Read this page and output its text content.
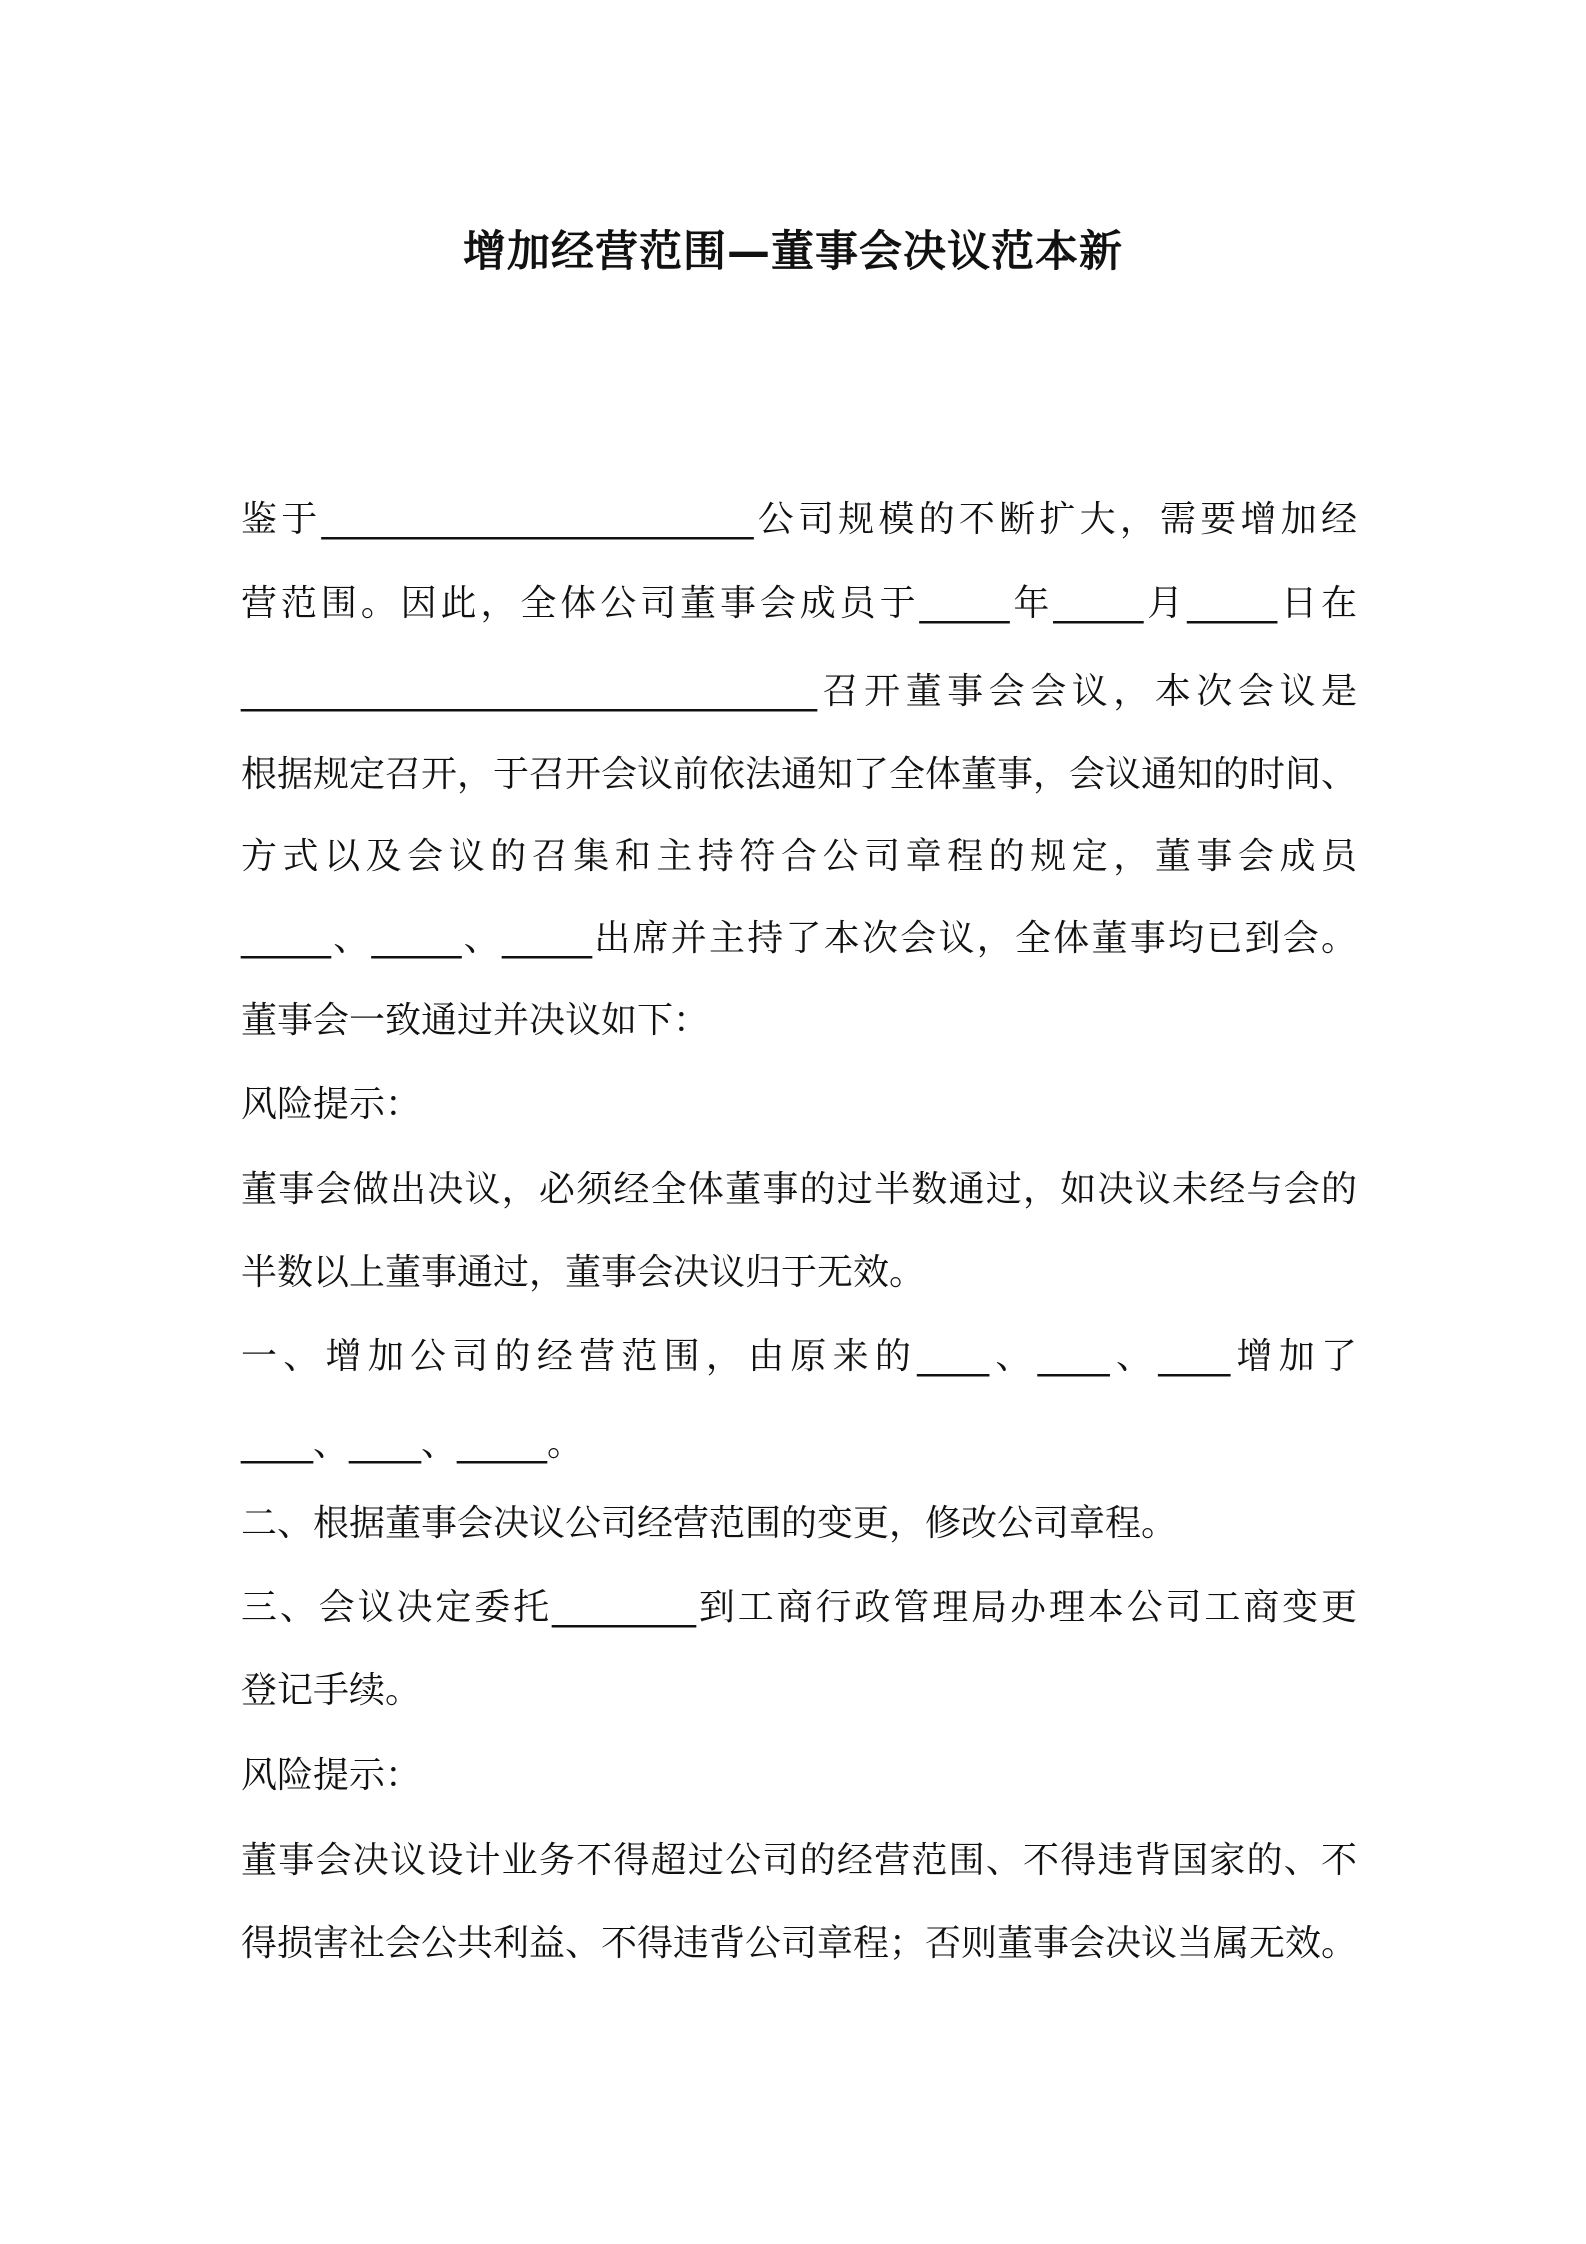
增加经营范围—董事会决议范本新

鉴于________________________公司规模的不断扩大，需要增加经

营范围。因此，全体公司董事会成员于_____年_____月_____日在

________________________________召开董事会会议，本次会议是

根据规定召开，于召开会议前依法通知了全体董事，会议通知的时间、

方式以及会议的召集和主持符合公司章程的规定，董事会成员

_____、_____、_____出席并主持了本次会议，全体董事均已到会。

董事会一致通过并决议如下：

风险提示：

董事会做出决议，必须经全体董事的过半数通过，如决议未经与会的

半数以上董事通过，董事会决议归于无效。

一、增加公司的经营范围，由原来的____、____、____增加了

____、____、_____。

二、根据董事会决议公司经营范围的变更，修改公司章程。

三、会议决定委托________到工商行政管理局办理本公司工商变更

登记手续。

风险提示：

董事会决议设计业务不得超过公司的经营范围、不得违背国家的、不

得损害社会公共利益、不得违背公司章程；否则董事会决议当属无效。
